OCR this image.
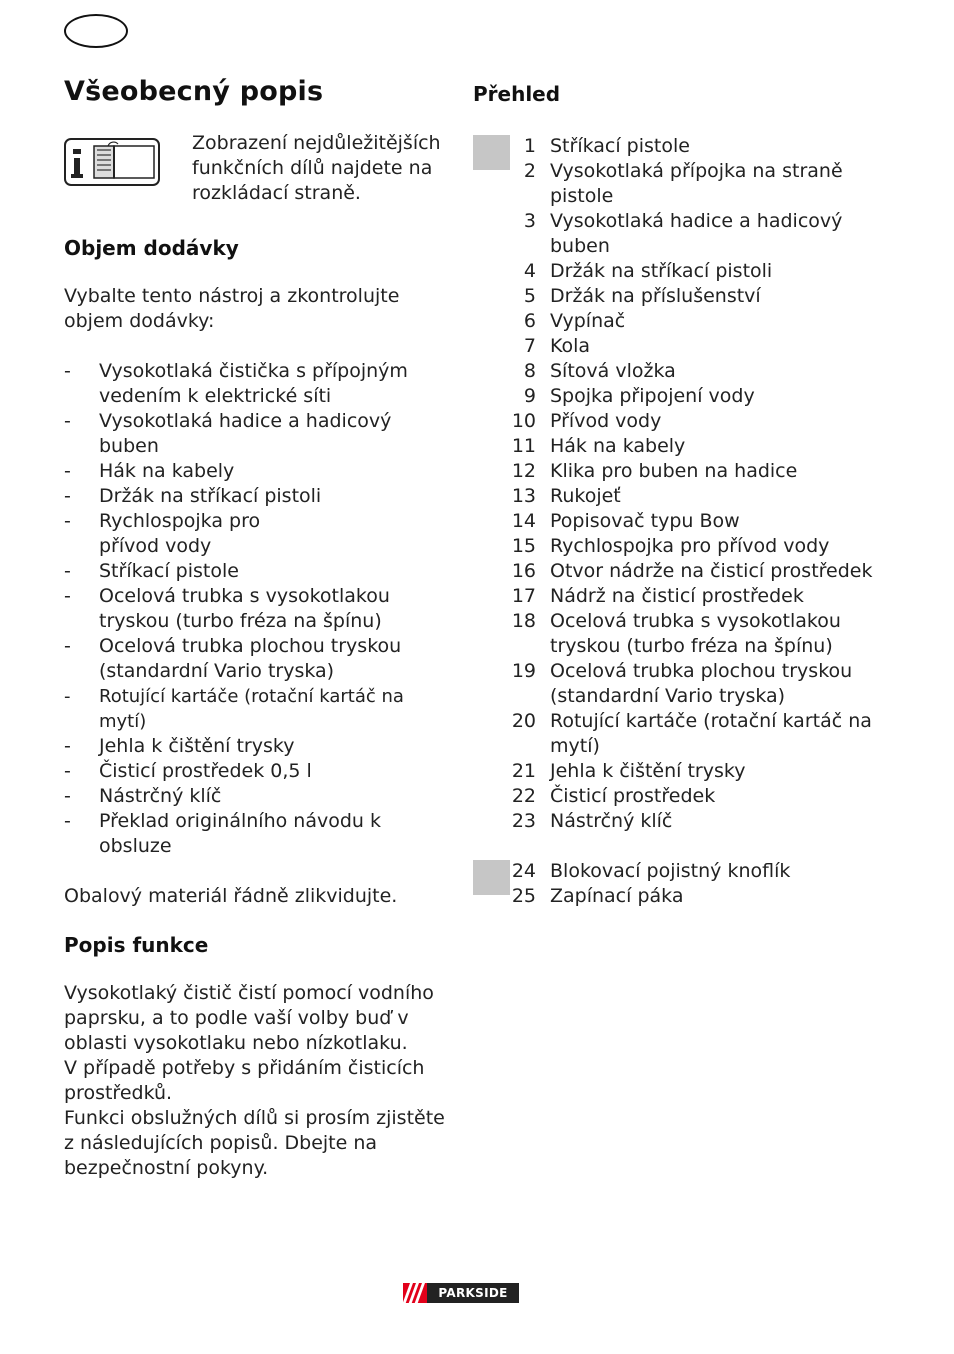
Všeobecný popis

Zobrazení nejdůležitějších funkčních dílů najdete na rozkládací straně.

Objem dodávky

Vybalte tento nástroj a zkontrolujte objem dodávky:

- Vysokotlaká čistička s přípojným vedením k elektrické síti
- Vysokotlaká hadice a hadicový buben
- Hák na kabely
- Držák na stříkací pistoli
- Rychlospojka pro přívod vody
- Stříkací pistole
- Ocelová trubka s vysokotlakou tryskou (turbo fréza na špínu)
- Ocelová trubka plochou tryskou (standardní Vario tryska)
- Rotující kartáče (rotační kartáč na mytí)
- Jehla k čištění trysky
- Čisticí prostředek 0,5 l
- Nástrčný klíč
- Překlad originálního návodu k obsluze

Obalový materiál řádně zlikvidujte.

Popis funkce

Vysokotlaký čistič čistí pomocí vodního paprsku, a to podle vaší volby buď v oblasti vysokotlaku nebo nízkotlaku.

V případě potřeby s přidáním čisticích prostředků.

Funkci obslužných dílů si prosím zjistěte z následujících popisů. Dbejte na bezpečnostní pokyny.

Přehled
1 Stříkací pistole
2 Vysokotlaká přípojka na straně pistole
3 Vysokotlaká hadice a hadicový buben
4 Držák na stříkací pistoli
5 Držák na příslušenství
6 Vypínač
7 Kola
8 Sítová vložka
9 Spojka připojení vody
10 Přívod vody
11 Hák na kabely
12 Klika pro buben na hadice
13 Rukojeť
14 Popisovač typu Bow
15 Rychlospojka pro přívod vody
16 Otvor nádrže na čisticí prostředek
17 Nádrž na čisticí prostředek
18 Ocelová trubka s vysokotlakou tryskou (turbo fréza na špínu)
19 Ocelová trubka plochou tryskou (standardní Vario tryska)
20 Rotující kartáče (rotační kartáč na mytí)
21 Jehla k čištění trysky
22 Čisticí prostředek
23 Nástrčný klíč
24 Blokovací pojistný knoflík
25 Zapínací páka
PARKSIDE
